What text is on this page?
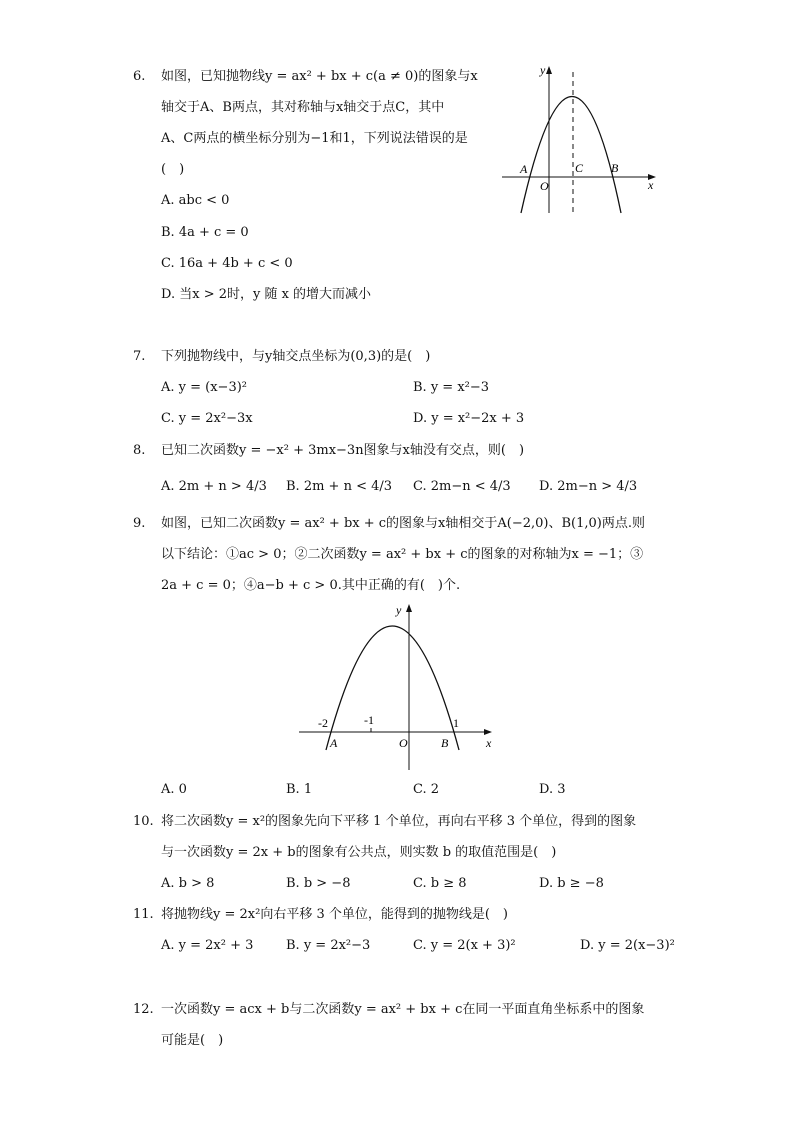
6. 如图，已知抛物线y = ax² + bx + c(a ≠ 0)的图象与x
轴交于A、B两点，其对称轴与x轴交于点C，其中
A、C两点的横坐标分别为−1和1，下列说法错误的是
(　)
A. abc < 0
B. 4a + c = 0
C. 16a + 4b + c < 0
D. 当x > 2时，y 随 x 的增大而减小
A	C B
O	x
y
7. 下列抛物线中，与y轴交点坐标为(0,3)的是(　)
A. y = (x−3)²	B. y = x²−3
C. y = 2x²−3x	D. y = x²−2x + 3
8. 已知二次函数y = −x² + 3mx−3n图象与x轴没有交点，则(　)
A. 2m + n > 4/3 B. 2m + n < 4/3 C. 2m−n < 4/3 D. 2m−n > 4/3
9. 如图，已知二次函数y = ax² + bx + c的图象与x轴相交于A(−2,0)、B(1,0)两点.则
以下结论：①ac > 0；②二次函数y = ax² + bx + c的图象的对称轴为x = −1；③
2a + c = 0；④a−b + c > 0.其中正确的有(　)个.
-2	-1	1
A	O	B	x
y
A. 0	B. 1	C. 2	D. 3
10. 将二次函数y = x²的图象先向下平移 1 个单位，再向右平移 3 个单位，得到的图象
与一次函数y = 2x + b的图象有公共点，则实数 b 的取值范围是(　)
A. b > 8	B. b > −8	C. b ≥ 8	D. b ≥ −8
11. 将抛物线y = 2x²向右平移 3 个单位，能得到的抛物线是(　)
A. y = 2x² + 3	B. y = 2x²−3	C. y = 2(x + 3)²	D. y = 2(x−3)²
12. 一次函数y = acx + b与二次函数y = ax² + bx + c在同一平面直角坐标系中的图象
可能是(　)
